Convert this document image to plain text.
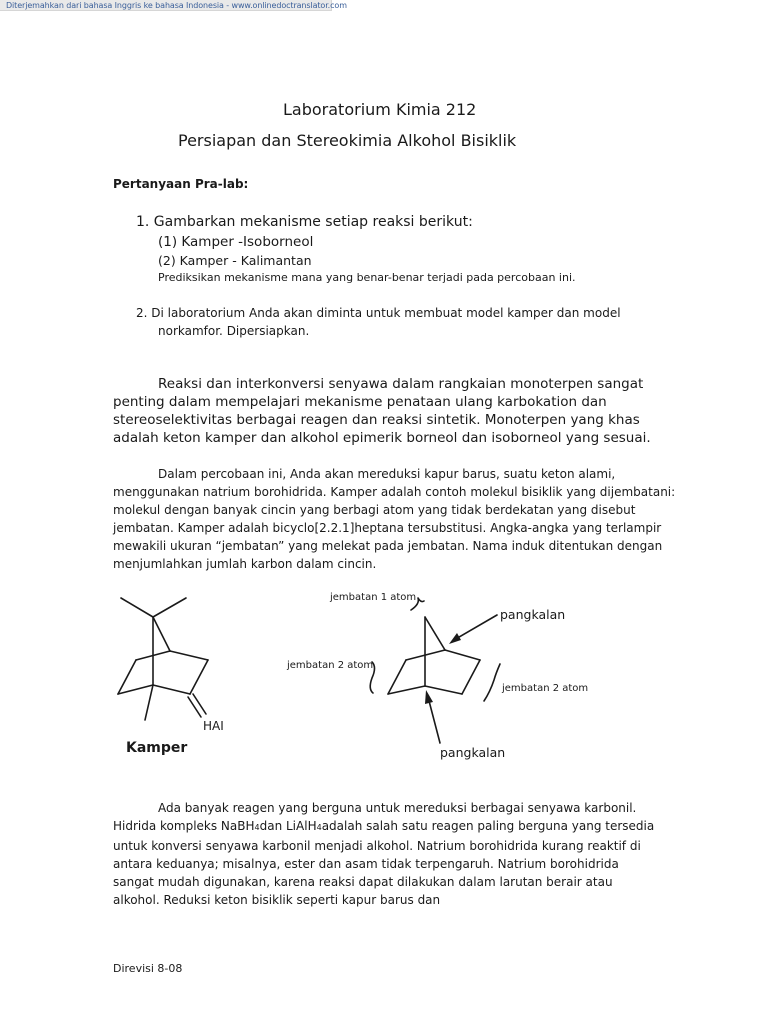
Diterjemahkan dari bahasa Inggris ke bahasa Indonesia - www.onlinedoctranslator.com
Laboratorium Kimia 212
Persiapan dan Stereokimia Alkohol Bisiklik
Pertanyaan Pra-lab:
1. Gambarkan mekanisme setiap reaksi berikut:
(1) Kamper -Isoborneol
(2) Kamper - Kalimantan
Prediksikan mekanisme mana yang benar-benar terjadi pada percobaan ini.
2. Di laboratorium Anda akan diminta untuk membuat model kamper dan model
norkamfor. Dipersiapkan.
Reaksi dan interkonversi senyawa dalam rangkaian monoterpen sangat
penting dalam mempelajari mekanisme penataan ulang karbokation dan
stereoselektivitas berbagai reagen dan reaksi sintetik. Monoterpen yang khas
adalah keton kamper dan alkohol epimerik borneol dan isoborneol yang sesuai.
Dalam percobaan ini, Anda akan mereduksi kapur barus, suatu keton alami,
menggunakan natrium borohidrida. Kamper adalah contoh molekul bisiklik yang dijembatani:
molekul dengan banyak cincin yang berbagi atom yang tidak berdekatan yang disebut
jembatan. Kamper adalah bicyclo[2.2.1]heptana tersubstitusi. Angka-angka yang terlampir
mewakili ukuran “jembatan” yang melekat pada jembatan. Nama induk ditentukan dengan
menjumlahkan jumlah karbon dalam cincin.
Kamper
HAI
jembatan 1 atom
pangkalan
jembatan 2 atom
jembatan 2 atom
pangkalan
Ada banyak reagen yang berguna untuk mereduksi berbagai senyawa karbonil.
Hidrida kompleks NaBH4dan LiAlH4adalah salah satu reagen paling berguna yang tersedia
untuk konversi senyawa karbonil menjadi alkohol. Natrium borohidrida kurang reaktif di
antara keduanya; misalnya, ester dan asam tidak terpengaruh. Natrium borohidrida
sangat mudah digunakan, karena reaksi dapat dilakukan dalam larutan berair atau
alkohol. Reduksi keton bisiklik seperti kapur barus dan
Direvisi 8-08
